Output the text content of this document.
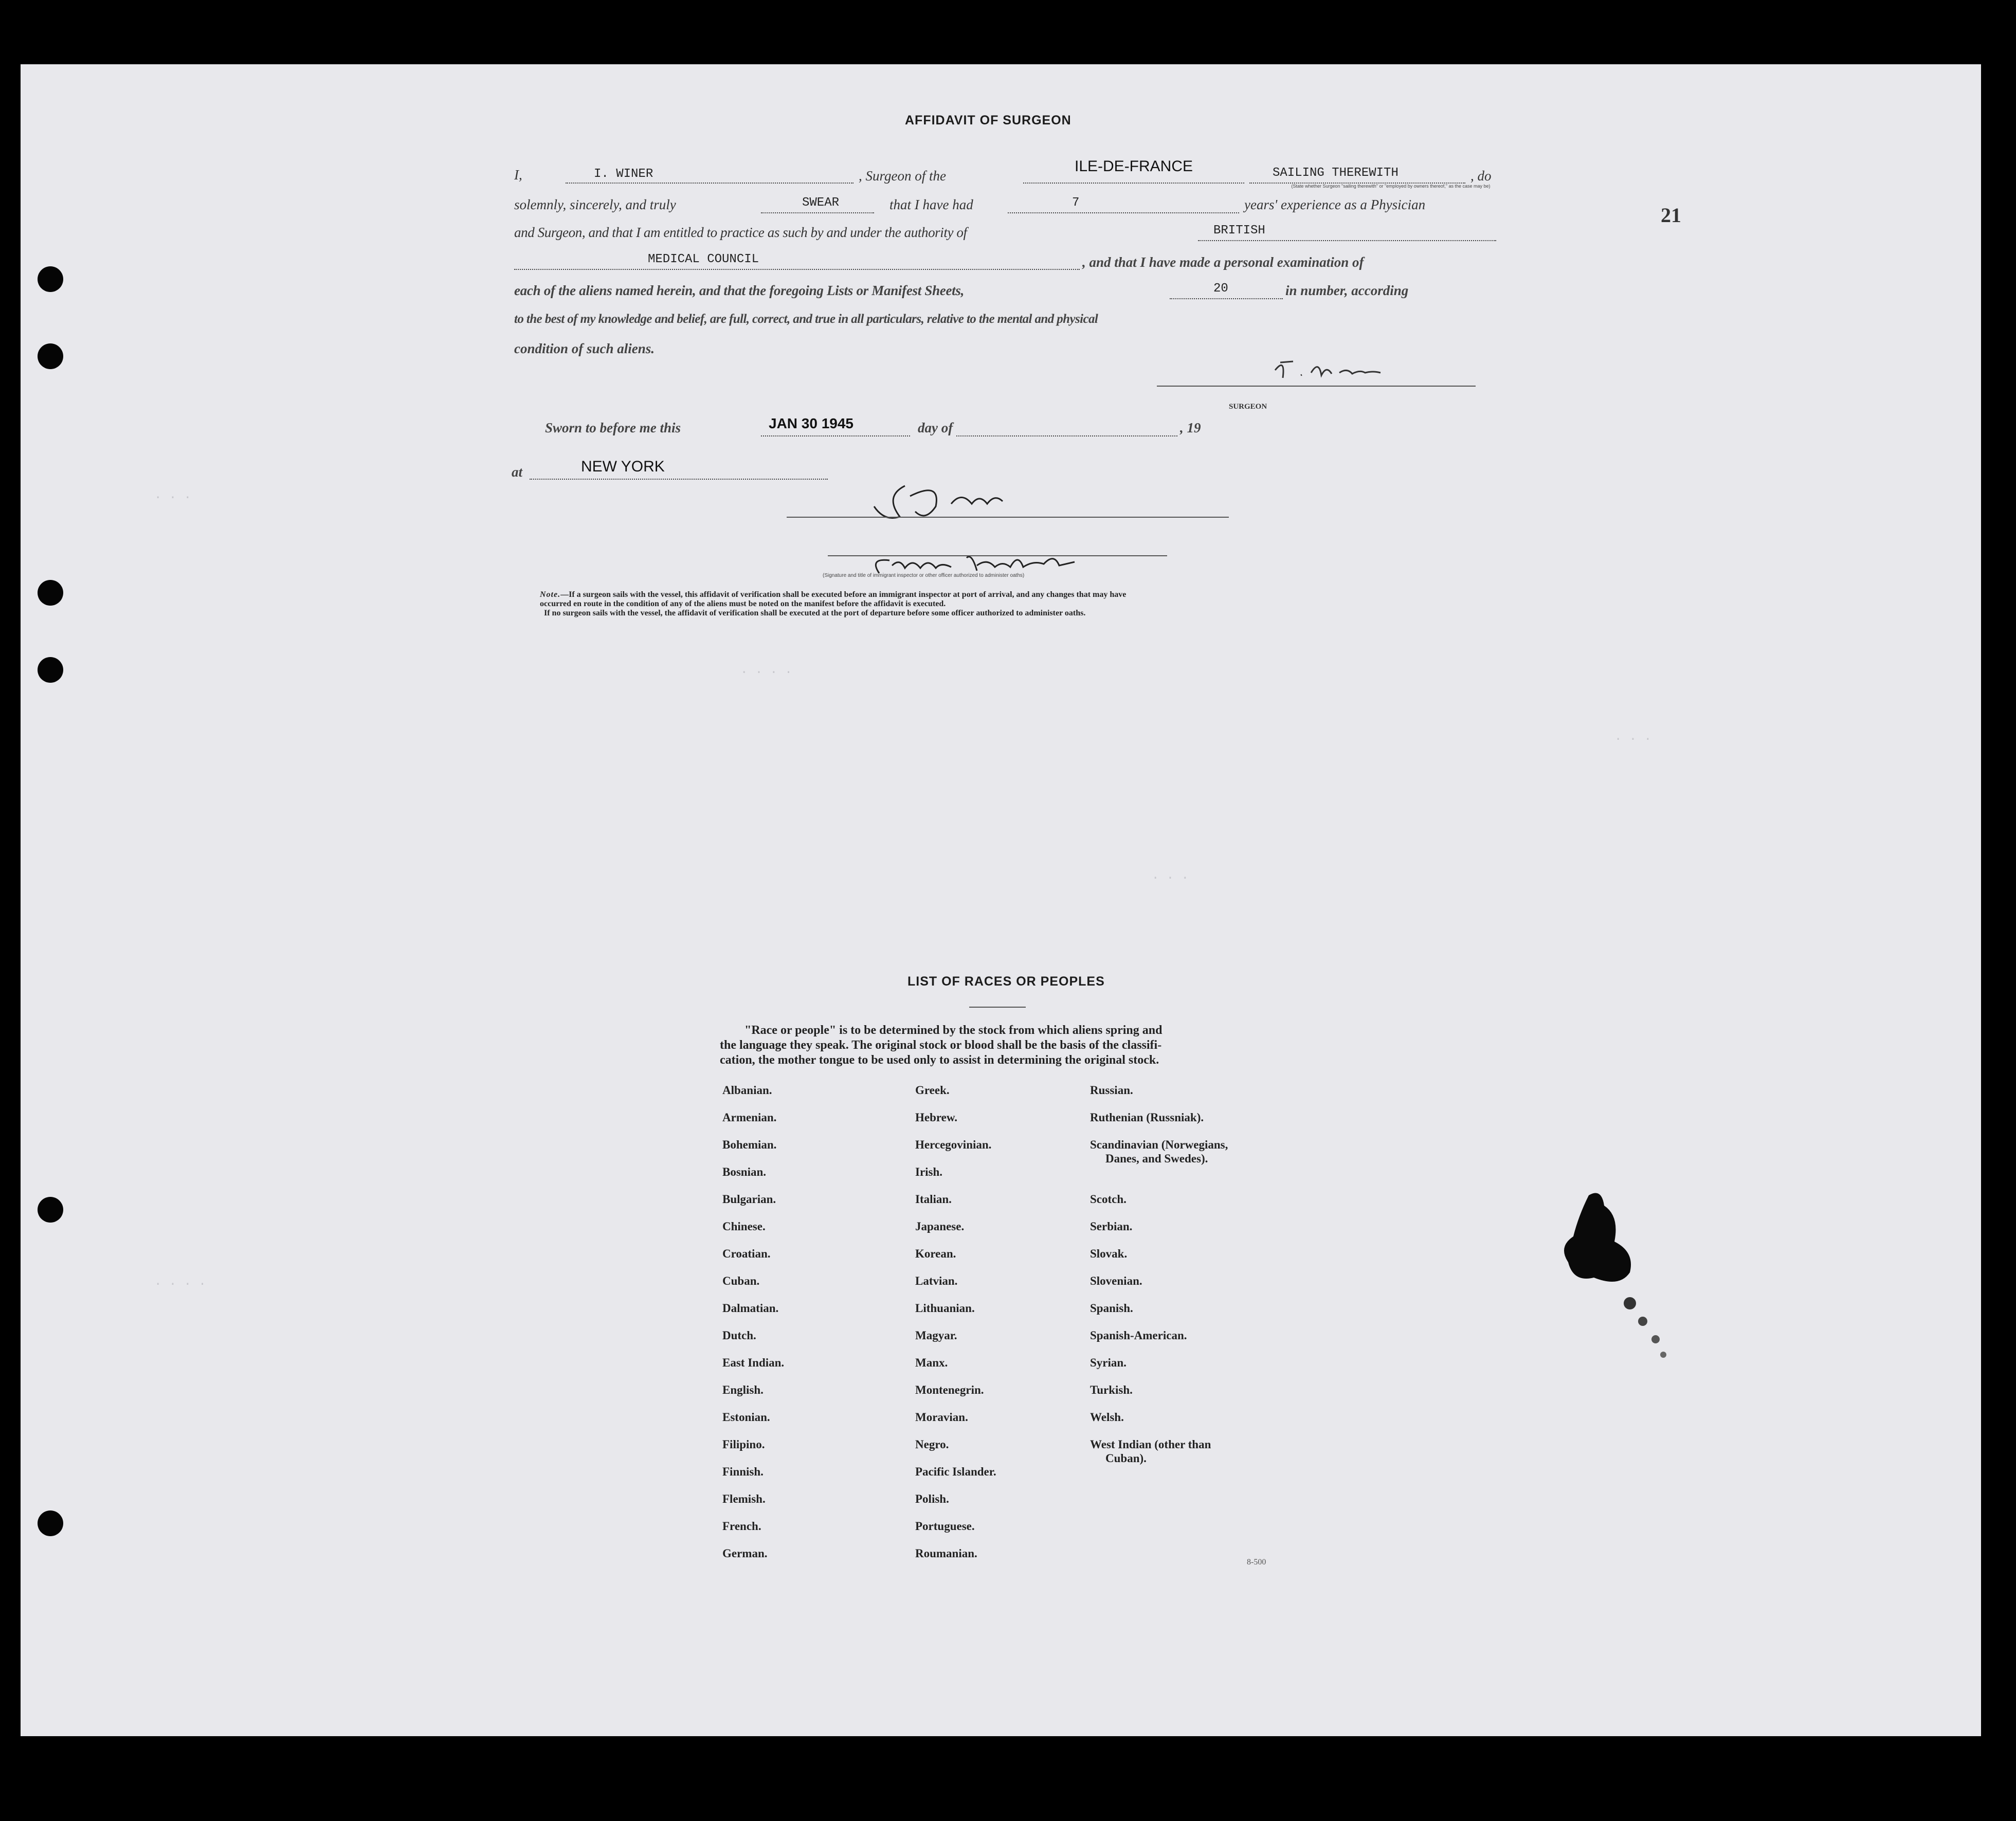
· · ·
· · · ·
· · ·
· · · ·
· · ·
AFFIDAVIT OF SURGEON
21
I,	I. WINER	, Surgeon of the
ILE-DE-FRANCE	SAILING THEREWITH	, do
(State whether Surgeon "sailing therewith" or "employed by owners thereof," as the case may be)
solemnly, sincerely, and truly	SWEAR	that I have had	7	years' experience as a Physician
and Surgeon, and that I am entitled to practice as such by and under the authority of	BRITISH
MEDICAL COUNCIL	, and that I have made a personal examination of
each of the aliens named herein, and that the foregoing Lists or Manifest Sheets,	20	in number, according
to the best of my knowledge and belief, are full, correct, and true in all particulars, relative to the mental and physical
condition of such aliens.
SURGEON
Sworn to before me this	JAN 30 1945	day of	, 19
at	NEW YORK
(Signature and title of immigrant inspector or other officer authorized to administer oaths)
Note.—If a surgeon sails with the vessel, this affidavit of verification shall be executed before an immigrant inspector at port of arrival, and any changes that may have
occurred en route in the condition of any of the aliens must be noted on the manifest before the affidavit is executed.
If no surgeon sails with the vessel, the affidavit of verification shall be executed at the port of departure before some officer authorized to administer oaths.
LIST OF RACES OR PEOPLES
"Race or people" is to be determined by the stock from which aliens spring and
the language they speak. The original stock or blood shall be the basis of the classifi-
cation, the mother tongue to be used only to assist in determining the original stock.
Albanian.
Armenian.
Bohemian.
Bosnian.
Bulgarian.
Chinese.
Croatian.
Cuban.
Dalmatian.
Dutch.
East Indian.
English.
Estonian.
Filipino.
Finnish.
Flemish.
French.
German.
Greek.
Hebrew.
Hercegovinian.
Irish.
Italian.
Japanese.
Korean.
Latvian.
Lithuanian.
Magyar.
Manx.
Montenegrin.
Moravian.
Negro.
Pacific Islander.
Polish.
Portuguese.
Roumanian.
Russian.
Ruthenian (Russniak).
Scandinavian (Norwegians,
Danes, and Swedes).
Scotch.
Serbian.
Slovak.
Slovenian.
Spanish.
Spanish-American.
Syrian.
Turkish.
Welsh.
West Indian (other than
Cuban).
8-500
